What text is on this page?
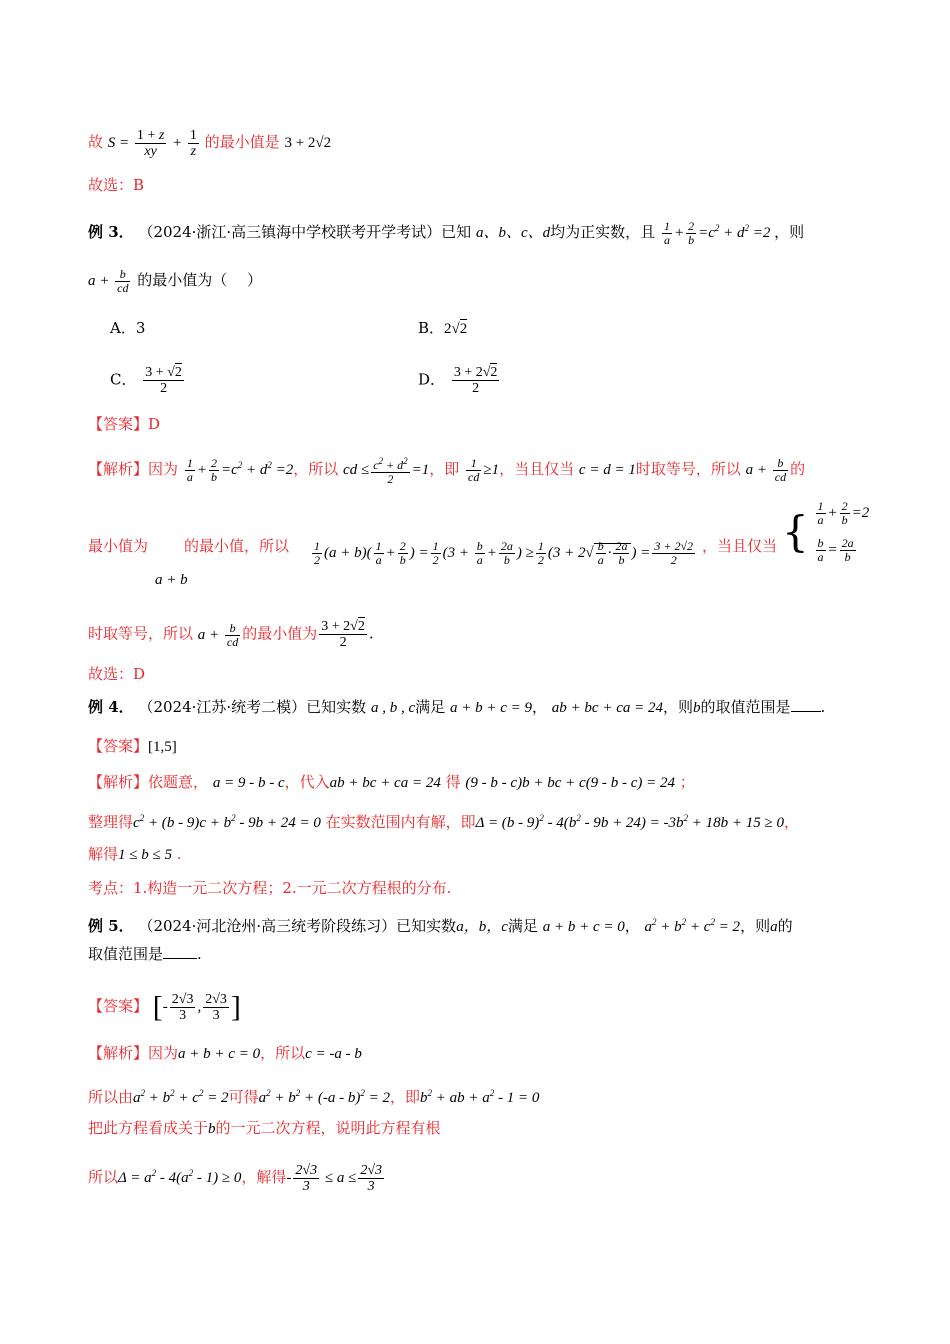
故 $S = \frac{1 + z}{xy} + \frac{1}{z}$ 的最小值是 3 + 2√2
故选：B
例 3． （2024·浙江·高三镇海中学校联考开学考试）已知 a、b、c、d均为正实数，且 $\frac{1}{a} + \frac{2}{b} =c^2 + d^2 =2$ ，则
$a + \frac{b}{cd}$ 的最小值为（　 ）
A．3	B．2√2
C． $\frac{3 + √2}{2}$	D． $\frac{3 + 2√2}{2}$
【答案】D
【解析】因为 $\frac{1}{a} + \frac{2}{b} =c^2 + d^2 =2$，所以 cd ≤ $\frac{c^2 + d^2}{2} =1$，即 $\frac{1}{cd} \ge 1$，当且仅当 c = d = 1时取等号，所以 $a + \frac{b}{cd}$ 的
最小值为 的最小值，所以
a + b
$\frac{1}{2} (a + b)( \frac{1}{a} + \frac{2}{b}$ ) = $\frac{1}{2} (3 + \frac{b}{a} + \frac{2a}{b}$ ) ≥ $\frac{1}{2} (3 + 2√ \frac{b}{a} \cdot \frac{2a}{b}$ ) = $\frac{3 + 2√2}{2}$ ，当且仅当 { $\frac{1}{a} + \frac{2}{b} =2$
$\frac{b}{a} = \frac{2a}{b}$
时取等号，所以 $a + \frac{b}{cd}$ 的最小值为 $\frac{3 + 2√2}{2}$ .
故选：D
例 4． （2024·江苏·统考二模）已知实数 a , b , c满足 a + b + c = 9， ab + bc + ca = 24，则b的取值范围是 .
【答案】[1,5]
【解析】依题意， a = 9 - b - c，代入ab + bc + ca = 24 得 (9 - b - c)b + bc + c(9 - b - c) = 24 ；
整理得$c^2 + (b - 9)c + b^2 - 9b + 24 = 0$ 在实数范围内有解，即$\Delta = (b - 9)^2 - 4(b^2 - 9b + 24) = -3b^2 + 18b + 15 \ge 0$，
解得1 ≤ b ≤ 5 .
考点：1.构造一元二次方程；2.一元二次方程根的分布.
例 5． （2024·河北沧州·高三统考阶段练习）已知实数a，b，c满足 a + b + c = 0， $a^2 + b^2 + c^2 = 2$，则a的
取值范围是 .
【答案】 [- $\frac{2√3}{3}$ , $\frac{2√3}{3}$ ]
【解析】因为a + b + c = 0，所以c = -a - b
所以由$a^2 + b^2 + c^2 = 2$可得$a^2 + b^2 + (-a - b)^2 = 2$，即$b^2$ + ab + $a^2 - 1 = 0$
把此方程看成关于b的一元二次方程，说明此方程有根
所以$\Delta = a^2 - 4(a^2 - 1) \ge 0$，解得- $\frac{2√3}{3} \le a \le \frac{2√3}{3}$
